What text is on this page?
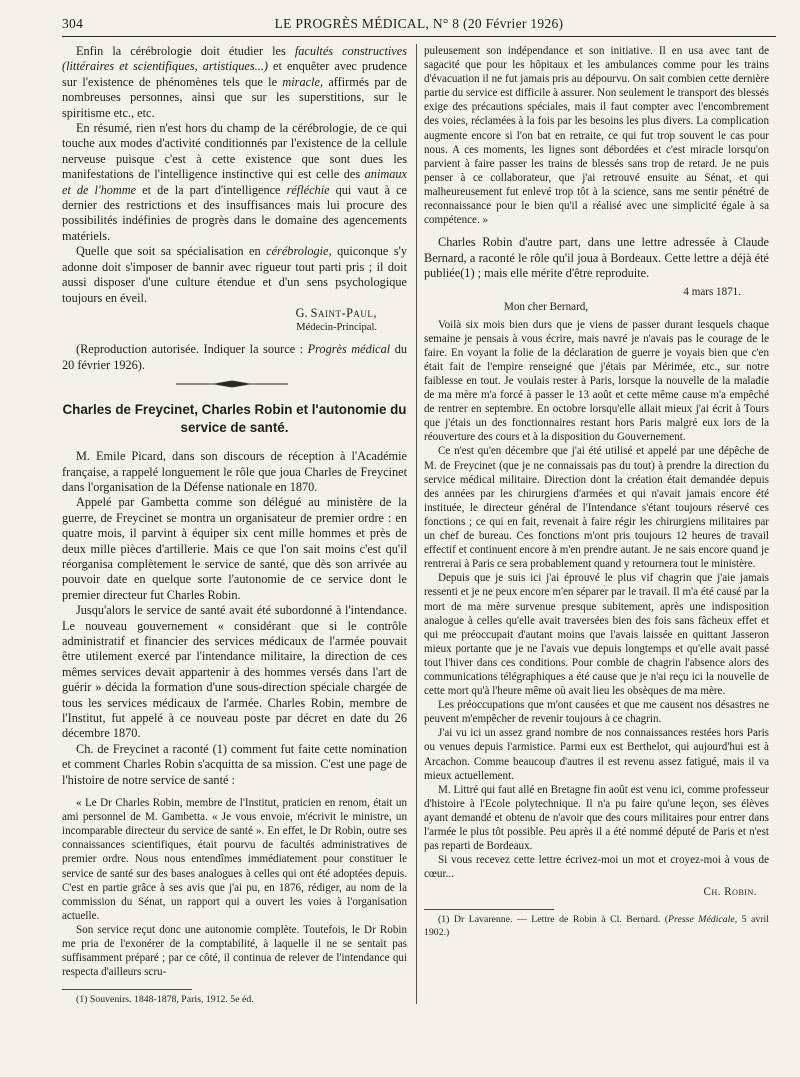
304	LE PROGRÈS MÉDICAL, N° 8 (20 Février 1926)

Enfin la cérébrologie doit étudier les facultés constructives (littéraires et scientifiques, artistiques...) et enquêter avec prudence sur l'existence de phénomènes tels que le miracle, affirmés par de nombreuses personnes, ainsi que sur les superstitions, sur le spiritisme etc., etc.

En résumé, rien n'est hors du champ de la cérébrologie, de ce qui touche aux modes d'activité conditionnés par l'existence de la cellule nerveuse puisque c'est à cette existence que sont dues les manifestations de l'intelligence instinctive qui est celle des animaux et de l'homme et de la part d'intelligence réfléchie qui vaut à ce dernier des restrictions et des insuffisances mais lui procure des possibilités indéfinies de progrès dans le domaine des agencements matériels.

Quelle que soit sa spécialisation en cérébrologie, quiconque s'y adonne doit s'imposer de bannir avec rigueur tout parti pris ; il doit aussi disposer d'une culture étendue et d'un sens psychologique toujours en éveil.

G. Saint-Paul,

Médecin-Principal.

(Reproduction autorisée. Indiquer la source : Progrès médical du 20 février 1926).

Charles de Freycinet, Charles Robin et l'autonomie du service de santé.

M. Emile Picard, dans son discours de réception à l'Académie française, a rappelé longuement le rôle que joua Charles de Freycinet dans l'organisation de la Défense nationale en 1870.

Appelé par Gambetta comme son délégué au ministère de la guerre, de Freycinet se montra un organisateur de premier ordre : en quatre mois, il parvint à équiper six cent mille hommes et près de deux mille pièces d'artillerie. Mais ce que l'on sait moins c'est qu'il réorganisa complètement le service de santé, que dès son arrivée au pouvoir date en quelque sorte l'autonomie de ce service dont le premier directeur fut Charles Robin.

Jusqu'alors le service de santé avait été subordonné à l'intendance. Le nouveau gouvernement « considérant que si le contrôle administratif et financier des services médicaux de l'armée pouvait être utilement exercé par l'intendance militaire, la direction de ces mêmes services devait appartenir à des hommes versés dans l'art de guérir » décida la formation d'une sous-direction spéciale chargée de tous les services médicaux de l'armée. Charles Robin, membre de l'Institut, fut appelé à ce nouveau poste par décret en date du 26 décembre 1870.

Ch. de Freycinet a raconté (1) comment fut faite cette nomination et comment Charles Robin s'acquitta de sa mission. C'est une page de l'histoire de notre service de santé :

« Le Dr Charles Robin, membre de l'Institut, praticien en renom, était un ami personnel de M. Gambetta. « Je vous envoie, m'écrivit le ministre, un incomparable directeur du service de santé ». En effet, le Dr Robin, outre ses connaissances scientifiques, était pourvu de facultés administratives de premier ordre. Nous nous entendîmes immédiatement pour constituer le service de santé sur des bases analogues à celles qui ont été adoptées depuis. C'est en partie grâce à ses avis que j'ai pu, en 1876, rédiger, au nom de la commission du Sénat, un rapport qui a ouvert les voies à l'organisation actuelle.

Son service reçut donc une autonomie complète. Toutefois, le Dr Robin me pria de l'exonérer de la comptabilité, à laquelle il ne se sentait pas suffisamment préparé ; par ce côté, il continua de relever de l'intendance qui respecta d'ailleurs scru-

(1) Souvenirs. 1848-1878, Paris, 1912. 5e éd.

puleusement son indépendance et son initiative. Il en usa avec tant de sagacité que pour les hôpitaux et les ambulances comme pour les trains d'évacuation il ne fut jamais pris au dépourvu. On sait combien cette dernière partie du service est difficile à assurer. Non seulement le transport des blessés exige des précautions spéciales, mais il faut compter avec l'encombrement des voies, réclamées à la fois par les besoins les plus divers. La complication augmente encore si l'on bat en retraite, ce qui fut trop souvent le cas pour nous. A ces moments, les lignes sont débordées et c'est miracle lorsqu'on parvient à faire passer les trains de blessés sans trop de retard. Je ne puis penser à ce collaborateur, que j'ai retrouvé ensuite au Sénat, et qui malheureusement fut enlevé trop tôt à la science, sans me sentir pénétré de reconnaissance pour le bien qu'il a réalisé avec une simplicité égale à sa compétence. »

Charles Robin d'autre part, dans une lettre adressée à Claude Bernard, a raconté le rôle qu'il joua à Bordeaux. Cette lettre a déjà été publiée(1) ; mais elle mérite d'être reproduite.

4 mars 1871.

Mon cher Bernard,

Voilà six mois bien durs que je viens de passer durant lesquels chaque semaine je pensais à vous écrire, mais navré je n'avais pas le courage de le faire. En voyant la folie de la déclaration de guerre je voyais bien que c'en était fait de l'empire renseigné que j'étais par Mérimée, etc., sur notre faiblesse en tout. Je voulais rester à Paris, lorsque la nouvelle de la maladie de ma mère m'a forcé à passer le 13 août et cette même cause m'a empêché de rentrer en septembre. En octobre lorsqu'elle allait mieux j'ai écrit à Tours que j'étais un des fonctionnaires restant hors Paris malgré eux lors de la réouverture des cours et à la disposition du Gouvernement.

Ce n'est qu'en décembre que j'ai été utilisé et appelé par une dépêche de M. de Freycinet (que je ne connaissais pas du tout) à prendre la direction du service médical militaire. Direction dont la création était demandée depuis des années par les chirurgiens d'armées et qui n'avait jamais encore été instituée, le directeur général de l'Intendance s'étant toujours réservé ces fonctions ; ce qui en fait, revenait à faire régir les chirurgiens militaires par un chef de bureau. Ces fonctions m'ont pris toujours 12 heures de travail effectif et continuent encore à m'en prendre autant. Je ne sais encore quand je rentrerai à Paris ce sera probablement quand y retournera tout le ministère.

Depuis que je suis ici j'ai éprouvé le plus vif chagrin que j'aie jamais ressenti et je ne peux encore m'en séparer par le travail. Il m'a été causé par la mort de ma mère survenue presque subitement, après une indisposition analogue à celles qu'elle avait traversées bien des fois sans fâcheux effet et qui me préoccupait d'autant moins que l'avais laissée en quittant Jasseron mieux portante que je ne l'avais vue depuis longtemps et qu'elle avait passé tout l'hiver dans ces conditions. Pour comble de chagrin l'absence alors des communications télégraphiques a été cause que je n'ai reçu ici la nouvelle de cette mort qu'à l'heure même où avait lieu les obsèques de ma mère.

Les préoccupations que m'ont causées et que me causent nos désastres ne peuvent m'empêcher de revenir toujours à ce chagrin.

J'ai vu ici un assez grand nombre de nos connaissances restées hors Paris ou venues depuis l'armistice. Parmi eux est Berthelot, qui aujourd'hui est à Arcachon. Comme beaucoup d'autres il est revenu assez fatigué, mais il va mieux actuellement.

M. Littré qui faut allé en Bretagne fin août est venu ici, comme professeur d'histoire à l'Ecole polytechnique. Il n'a pu faire qu'une leçon, ses élèves ayant demandé et obtenu de n'avoir que des cours militaires pour entrer dans l'armée le plus tôt possible. Peu après il a été nommé député de Paris et n'est pas reparti de Bordeaux.

Si vous recevez cette lettre écrivez-moi un mot et croyez-moi à vous de cœur...

Ch. Robin.

(1) Dr Lavarenne. — Lettre de Robin à Cl. Bernard. (Presse Médicale, 5 avril 1902.)
